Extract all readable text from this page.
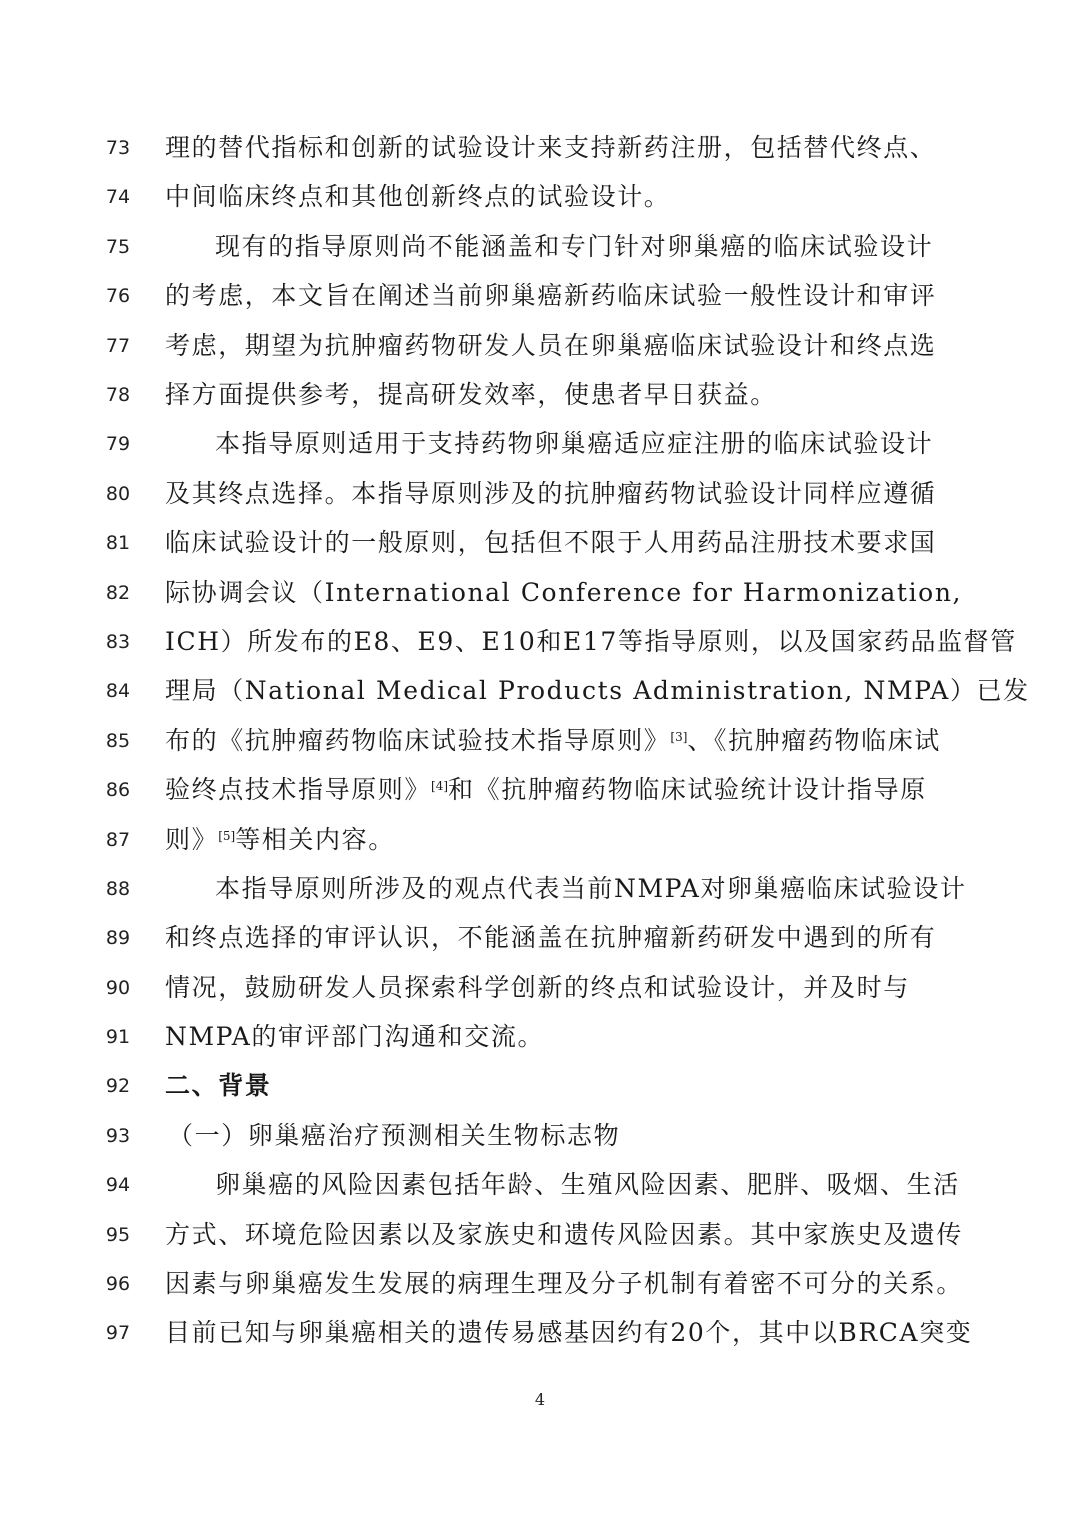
73	理的替代指标和创新的试验设计来支持新药注册，包括替代终点、
74	中间临床终点和其他创新终点的试验设计。
75	现有的指导原则尚不能涵盖和专门针对卵巢癌的临床试验设计
76	的考虑，本文旨在阐述当前卵巢癌新药临床试验一般性设计和审评
77	考虑，期望为抗肿瘤药物研发人员在卵巢癌临床试验设计和终点选
78	择方面提供参考，提高研发效率，使患者早日获益。
79	本指导原则适用于支持药物卵巢癌适应症注册的临床试验设计
80	及其终点选择。本指导原则涉及的抗肿瘤药物试验设计同样应遵循
81	临床试验设计的一般原则，包括但不限于人用药品注册技术要求国
82	际协调会议（International Conference for Harmonization,
83	ICH）所发布的E8、E9、E10和E17等指导原则，以及国家药品监督管
84	理局（National Medical Products Administration, NMPA）已发
85	布的《抗肿瘤药物临床试验技术指导原则》[3]、《抗肿瘤药物临床试
86	验终点技术指导原则》[4]和《抗肿瘤药物临床试验统计设计指导原
87	则》[5]等相关内容。
88	本指导原则所涉及的观点代表当前NMPA对卵巢癌临床试验设计
89	和终点选择的审评认识，不能涵盖在抗肿瘤新药研发中遇到的所有
90	情况，鼓励研发人员探索科学创新的终点和试验设计，并及时与
91	NMPA的审评部门沟通和交流。
92	二、背景
93	（一）卵巢癌治疗预测相关生物标志物
94	卵巢癌的风险因素包括年龄、生殖风险因素、肥胖、吸烟、生活
95	方式、环境危险因素以及家族史和遗传风险因素。其中家族史及遗传
96	因素与卵巢癌发生发展的病理生理及分子机制有着密不可分的关系。
97	目前已知与卵巢癌相关的遗传易感基因约有20个，其中以BRCA突变
4
